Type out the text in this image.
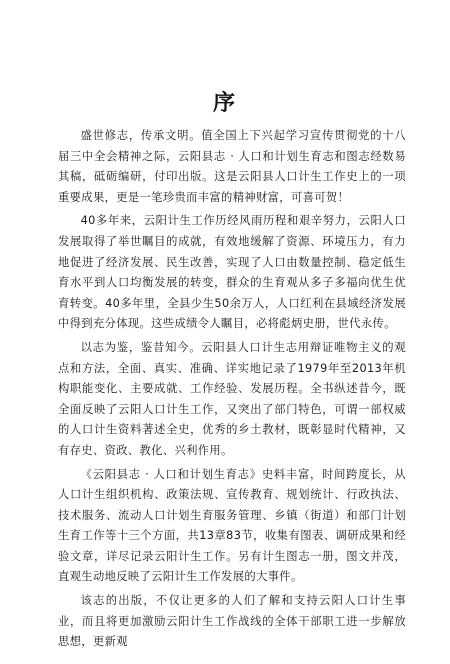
序

盛世修志，传承文明。值全国上下兴起学习宣传贯彻党的十八届三中全会精神之际，云阳县志 · 人口和计划生育志和图志经数易其稿，砥砺编研，付印出版。这是云阳县人口计生工作史上的一项重要成果，更是一笔珍贵而丰富的精神财富，可喜可贺！

40多年来，云阳计生工作历经风雨历程和艰辛努力，云阳人口发展取得了举世瞩目的成就，有效地缓解了资源、环境压力，有力地促进了经济发展、民生改善，实现了人口由数量控制、稳定低生育水平到人口均衡发展的转变，群众的生育观从多子多福向优生优育转变。40多年里，全县少生50余万人，人口红利在县域经济发展中得到充分体现。这些成绩令人瞩目，必将彪炳史册，世代永传。

以志为鉴，鉴昔知今。云阳县人口计生志用辩证唯物主义的观点和方法，全面、真实、准确、详实地记录了1979年至2013年机构职能变化、主要成就、工作经验、发展历程。全书纵述昔今，既全面反映了云阳人口计生工作，又突出了部门特色，可谓一部权威的人口计生资料著述全史，优秀的乡土教材，既彰显时代精神，又有存史、资政、教化、兴利作用。

《云阳县志 · 人口和计划生育志》史料丰富，时间跨度长，从人口计生组织机构、政策法规、宣传教育、规划统计、行政执法、技术服务、流动人口计划生育服务管理、乡镇（街道）和部门计划生育工作等十三个方面，共13章83节，收集有图表、调研成果和经验文章，详尽记录云阳计生工作。另有计生图志一册，图文并茂，直观生动地反映了云阳计生工作发展的大事件。

该志的出版，不仅让更多的人们了解和支持云阳人口计生事业，而且将更加激励云阳计生工作战线的全体干部职工进一步解放思想，更新观
